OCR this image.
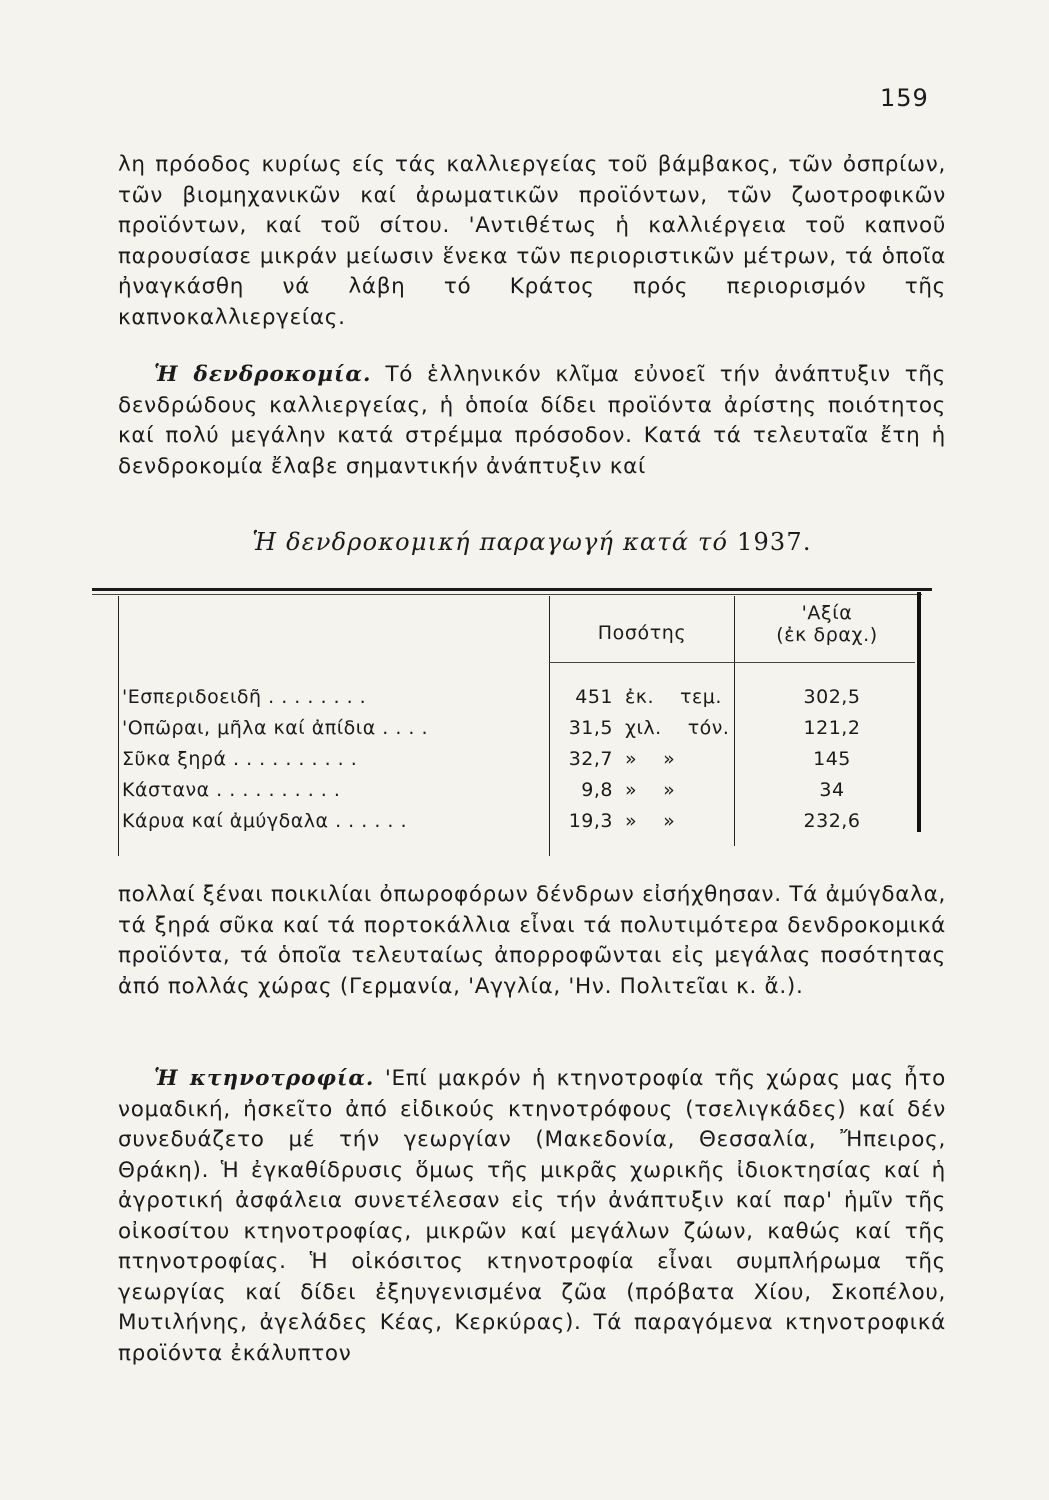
159

λη πρόοδος κυρίως είς τάς καλλιεργείας τοῦ βάμβακος, τῶν ὀσπρίων, τῶν βιομηχανικῶν καί ἀρωματικῶν προϊόντων, τῶν ζωοτροφικῶν προϊόντων, καί τοῦ σίτου. 'Αντιθέτως ἡ καλλιέργεια τοῦ καπνοῦ παρουσίασε μικράν μείωσιν ἕνεκα τῶν περιοριστικῶν μέτρων, τά ὁποῖα ἠναγκάσθη νά λάβη τό Κράτος πρός περιορισμόν τῆς καπνοκαλλιεργείας.

Ἡ δενδροκομία. Τό ἑλληνικόν κλῖμα εὐνοεῖ τήν ἀνάπτυξιν τῆς δενδρώδους καλλιεργείας, ἡ ὁποία δίδει προϊόντα ἀρίστης ποιότητος καί πολύ μεγάλην κατά στρέμμα πρόσοδον. Κατά τά τελευταῖα ἔτη ἡ δενδροκομία ἔλαβε σημαντικήν ἀνάπτυξιν καί

Ἡ δενδροκομική παραγωγή κατά τό 1937.

Ποσότης
'Αξία
(ἐκ δραχ.)
'Εσπεριδοειδῆ . . . . . . . .	451 ἐκ. τεμ.	302,5
'Οπῶραι, μῆλα καί ἀπίδια . . . .	31,5 χιλ. τόν.	121,2
Σῦκα ξηρά . . . . . . . . . .	32,7 » »	145
Κάστανα . . . . . . . . . .	9,8 » »	34
Κάρυα καί ἀμύγδαλα . . . . . .	19,3 » »	232,6

πολλαί ξέναι ποικιλίαι ὀπωροφόρων δένδρων εἰσήχθησαν. Τά ἀμύγδαλα, τά ξηρά σῦκα καί τά πορτοκάλλια εἶναι τά πολυτιμότερα δενδροκομικά προϊόντα, τά ὁποῖα τελευταίως ἀπορροφῶνται εἰς μεγάλας ποσότητας ἀπό πολλάς χώρας (Γερμανία, 'Αγγλία, 'Ην. Πολιτεῖαι κ. ἄ.).

Ἡ κτηνοτροφία. 'Επί μακρόν ἡ κτηνοτροφία τῆς χώρας μας ἦτο νομαδική, ἠσκεῖτο ἀπό εἰδικούς κτηνοτρόφους (τσελιγκάδες) καί δέν συνεδυάζετο μέ τήν γεωργίαν (Μακεδονία, Θεσσαλία, Ἤπειρος, Θράκη). Ἡ ἐγκαθίδρυσις ὅμως τῆς μικρᾶς χωρικῆς ἰδιοκτησίας καί ἡ ἀγροτική ἀσφάλεια συνετέλεσαν εἰς τήν ἀνάπτυξιν καί παρ' ἡμῖν τῆς οἰκοσίτου κτηνοτροφίας, μικρῶν καί μεγάλων ζώων, καθώς καί τῆς πτηνοτροφίας. Ἡ οἰκόσιτος κτηνοτροφία εἶναι συμπλήρωμα τῆς γεωργίας καί δίδει ἐξηυγενισμένα ζῶα (πρόβατα Χίου, Σκοπέλου, Μυτιλήνης, ἀγελάδες Κέας, Κερκύρας). Τά παραγόμενα κτηνοτροφικά προϊόντα ἐκάλυπτον
